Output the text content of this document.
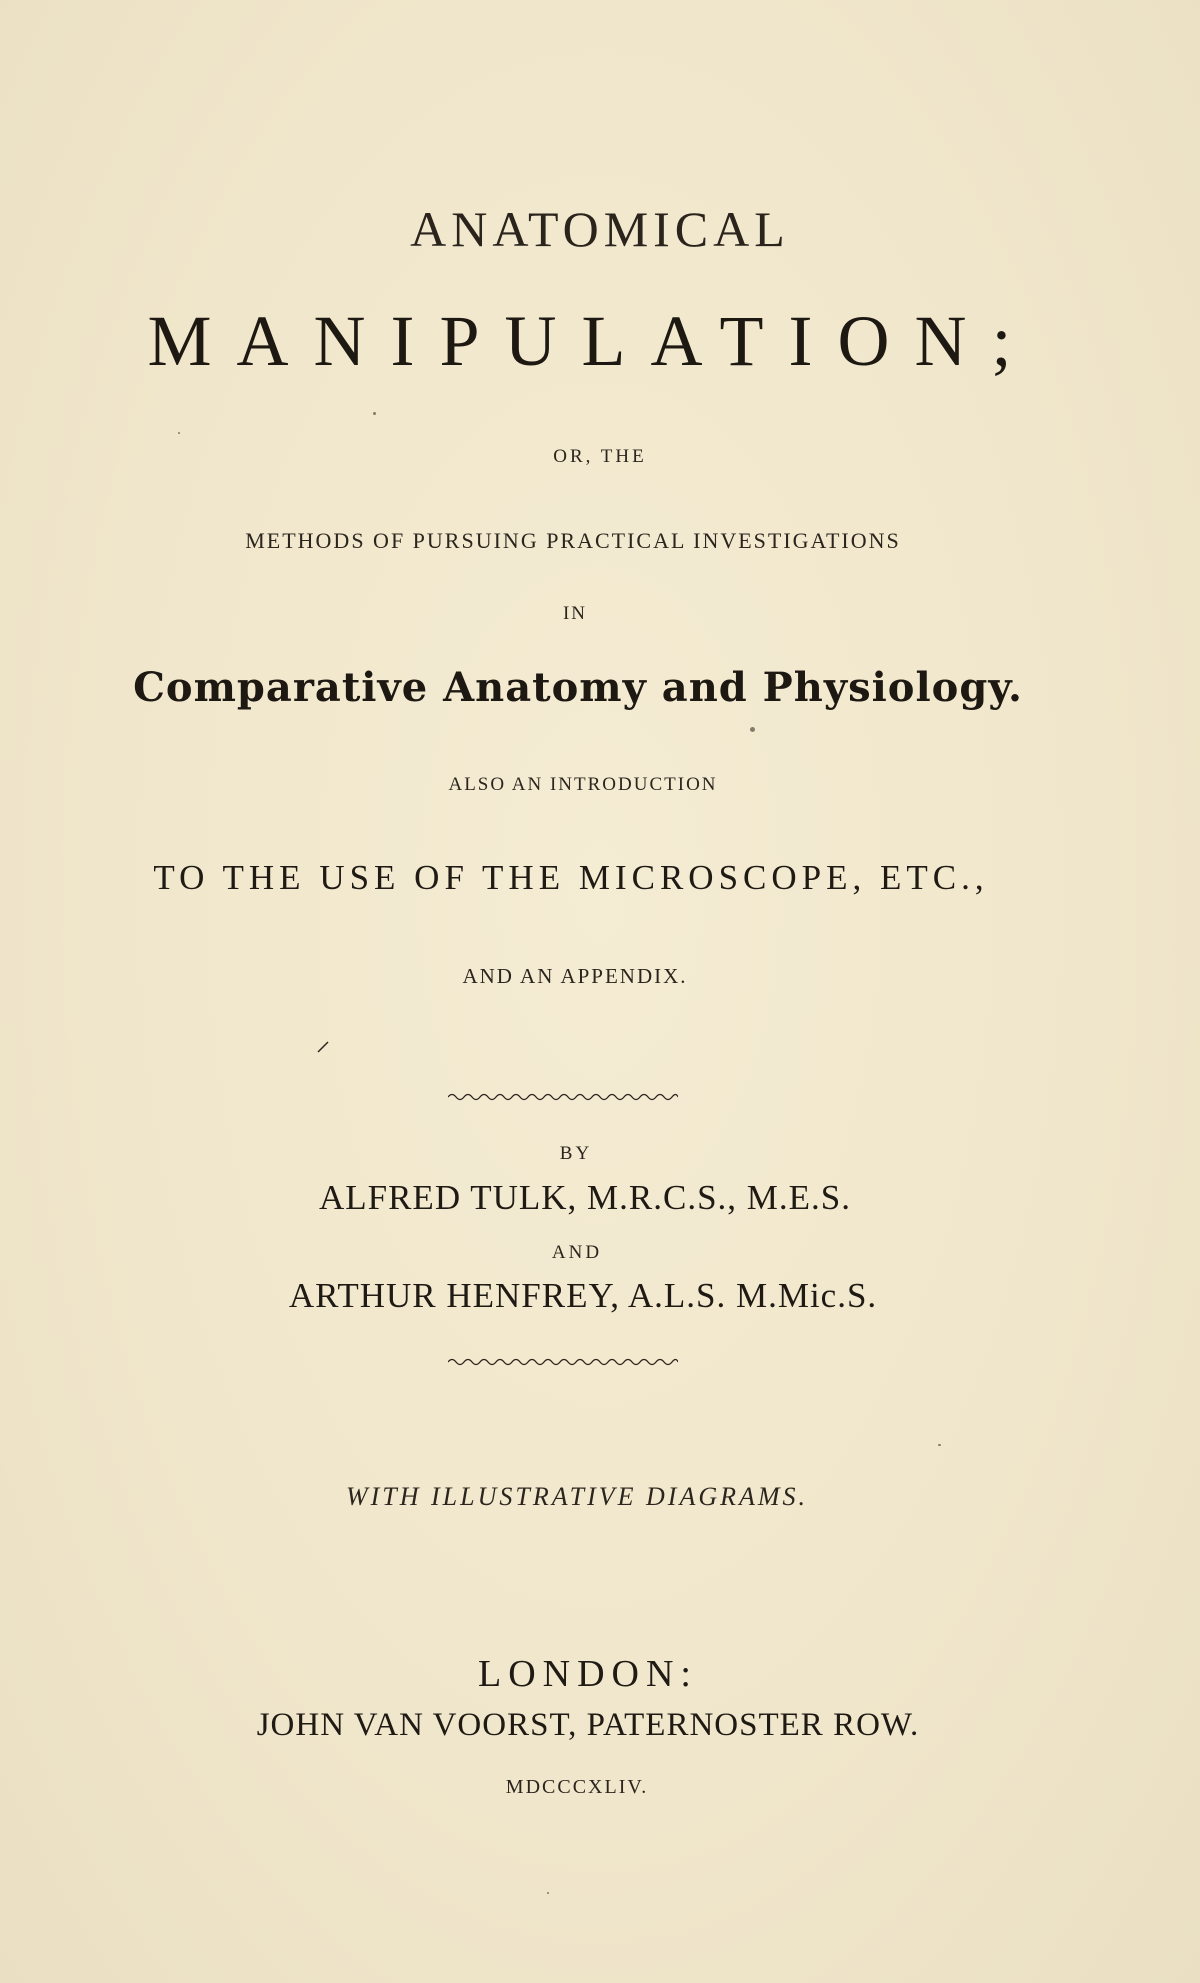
ANATOMICAL

MANIPULATION;

OR, THE

METHODS OF PURSUING PRACTICAL INVESTIGATIONS

IN

Comparative Anatomy and Physiology.

ALSO AN INTRODUCTION

TO THE USE OF THE MICROSCOPE, ETC.,

AND AN APPENDIX.

BY

ALFRED TULK, M.R.C.S., M.E.S.

AND

ARTHUR HENFREY, A.L.S. M.Mic.S.

WITH ILLUSTRATIVE DIAGRAMS.

LONDON:

JOHN VAN VOORST, PATERNOSTER ROW.

MDCCCXLIV.
